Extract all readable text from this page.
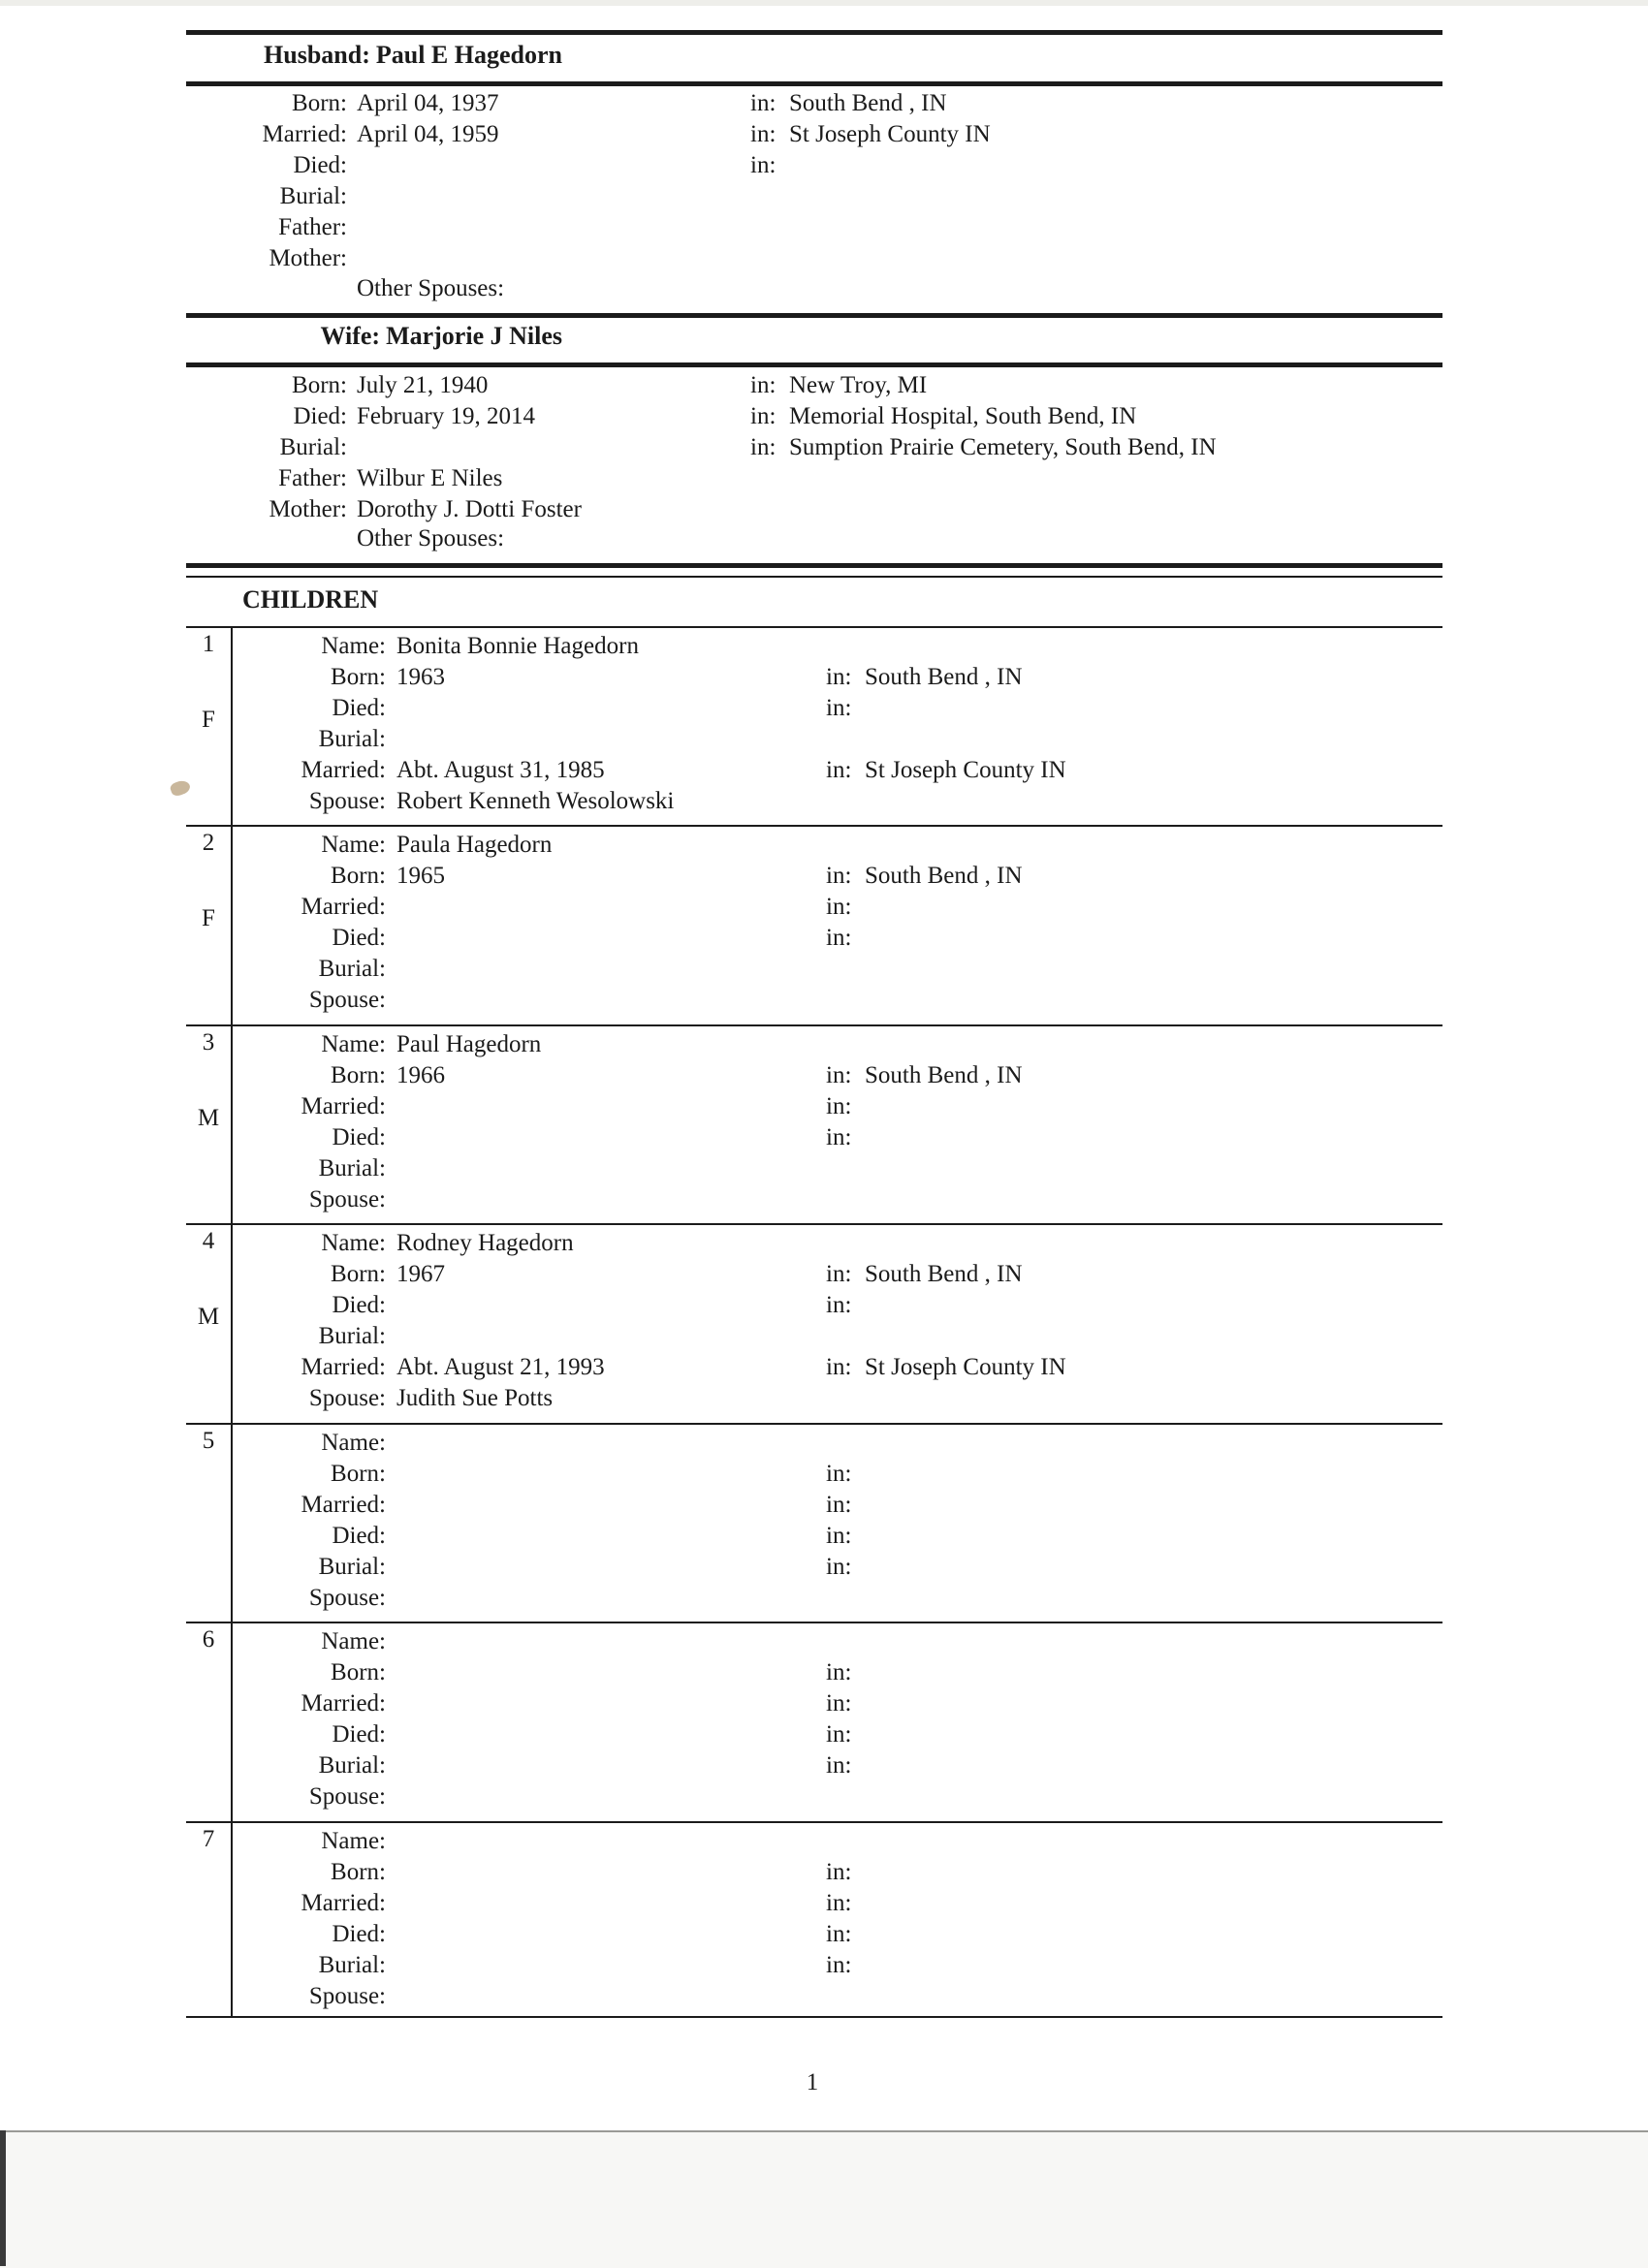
Husband: Paul E Hagedorn
Born: April 04, 1937	in: South Bend , IN
Married: April 04, 1959	in: St Joseph County IN
Died:	in:
Burial:
Father:
Mother:
Other Spouses:
Wife: Marjorie J Niles
Born: July 21, 1940	in: New Troy, MI
Died: February 19, 2014	in: Memorial Hospital, South Bend, IN
Burial:	in: Sumption Prairie Cemetery, South Bend, IN
Father: Wilbur E Niles
Mother: Dorothy J. Dotti Foster
Other Spouses:
CHILDREN
1
F
Name: Bonita Bonnie Hagedorn
Born: 1963	in: South Bend , IN
Died:	in:
Burial:
Married: Abt. August 31, 1985	in: St Joseph County IN
Spouse: Robert Kenneth Wesolowski
2
F
Name: Paula Hagedorn
Born: 1965	in: South Bend , IN
Married:	in:
Died:	in:
Burial:
Spouse:
3
M
Name: Paul Hagedorn
Born: 1966	in: South Bend , IN
Married:	in:
Died:	in:
Burial:
Spouse:
4
M
Name: Rodney Hagedorn
Born: 1967	in: South Bend , IN
Died:	in:
Burial:
Married: Abt. August 21, 1993	in: St Joseph County IN
Spouse: Judith Sue Potts
5	Name:
Born:	in:
Married:	in:
Died:	in:
Burial:	in:
Spouse:
6	Name:
Born:	in:
Married:	in:
Died:	in:
Burial:	in:
Spouse:
7	Name:
Born:	in:
Married:	in:
Died:	in:
Burial:	in:
Spouse:
1
